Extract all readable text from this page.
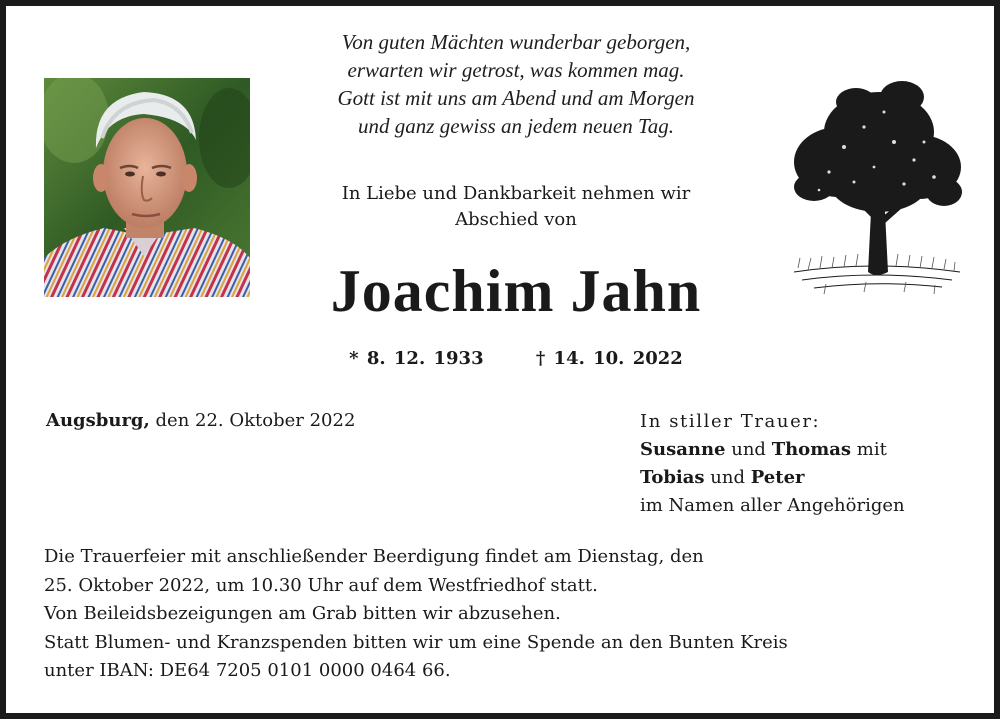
Von guten Mächten wunderbar geborgen,
erwarten wir getrost, was kommen mag.
Gott ist mit uns am Abend und am Morgen
und ganz gewiss an jedem neuen Tag.
In Liebe und Dankbarkeit nehmen wir
Abschied von
Joachim Jahn
* 8. 12. 1933	† 14. 10. 2022
Augsburg, den 22. Oktober 2022	In stiller Trauer:
Susanne und Thomas mit
Tobias und Peter
im Namen aller Angehörigen
Die Trauerfeier mit anschließender Beerdigung findet am Dienstag, den
25. Oktober 2022, um 10.30 Uhr auf dem Westfriedhof statt.
Von Beileidsbezeigungen am Grab bitten wir abzusehen.
Statt Blumen- und Kranzspenden bitten wir um eine Spende an den Bunten Kreis
unter IBAN: DE64 7205 0101 0000 0464 66.
